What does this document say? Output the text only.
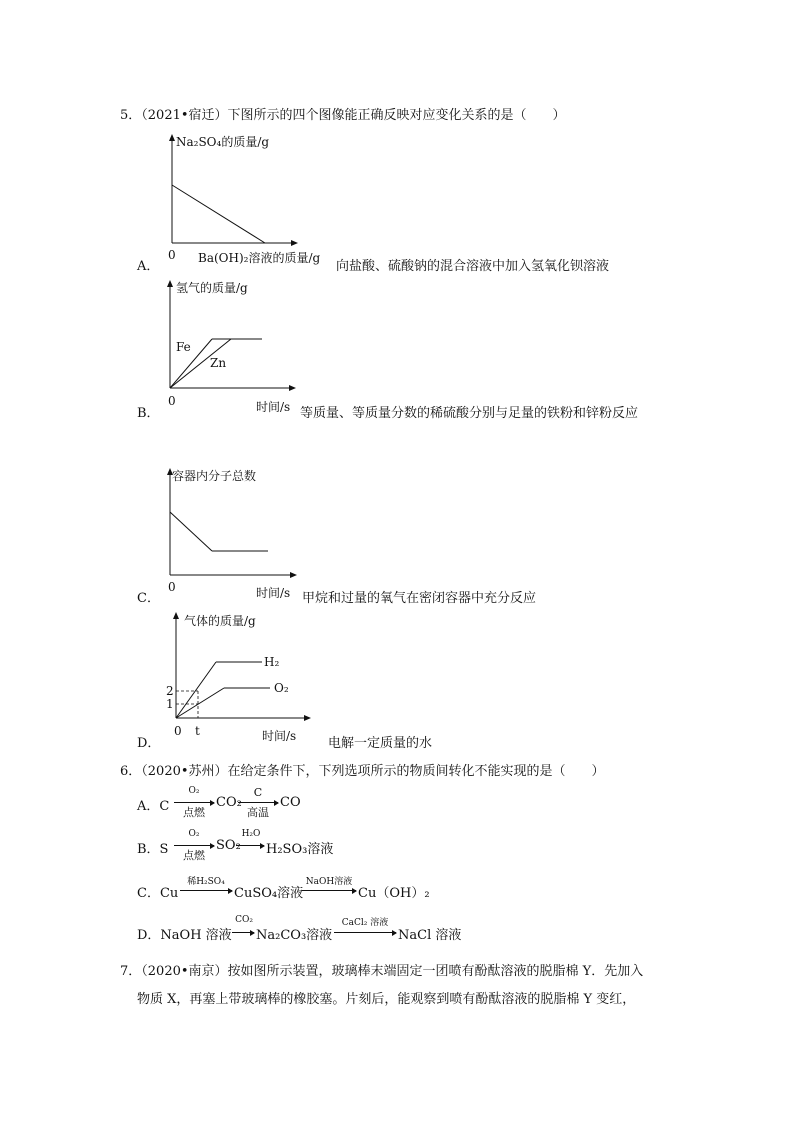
5．（2021•宿迁）下图所示的四个图像能正确反映对应变化关系的是（　　）
Na₂SO₄的质量/g
0 Ba(OH)₂溶液的质量/g
A．	向盐酸、硫酸钠的混合溶液中加入氢氧化钡溶液
氢气的质量/g
Fe
Zn
0	时间/s
B．	等质量、等质量分数的稀硫酸分别与足量的铁粉和锌粉反应
容器内分子总数
0	时间/s
C．	甲烷和过量的氧气在密闭容器中充分反应
气体的质量/g
H₂
O₂
2
1
0 t	时间/s
D．	电解一定质量的水
6．（2020•苏州）在给定条件下，下列选项所示的物质间转化不能实现的是（　　）
A．C
O₂
点燃
CO₂
C
高温
CO
B．S
O₂
点燃
SO₂
H₂O
H₂SO₃溶液
C．Cu
稀H₂SO₄
CuSO₄溶液
NaOH溶液
Cu（OH）₂
D．NaOH 溶液
CO₂
Na₂CO₃溶液
CaCl₂ 溶液
NaCl 溶液
7．（2020•南京）按如图所示装置，玻璃棒末端固定一团喷有酚酞溶液的脱脂棉 Y．先加入
物质 X，再塞上带玻璃棒的橡胶塞。片刻后，能观察到喷有酚酞溶液的脱脂棉 Y 变红，
